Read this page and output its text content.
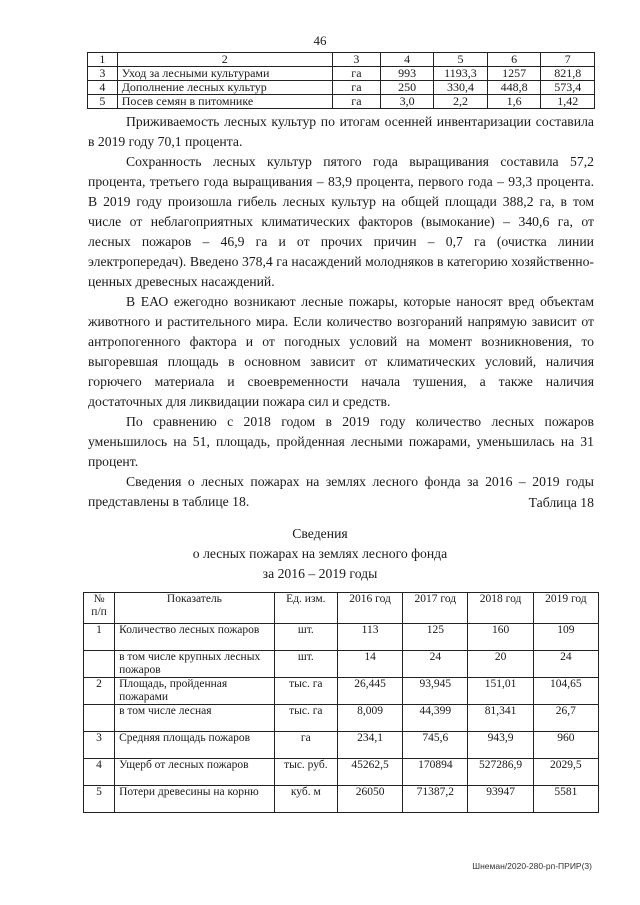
46
1	2	3	4	5	6	7
3	Уход за лесными культурами	га	993	1193,3	1257	821,8
4	Дополнение лесных культур	га	250	330,4	448,8	573,4
5	Посев семян в питомнике	га	3,0	2,2	1,6	1,42

Приживаемость лесных культур по итогам осенней инвентаризации составила в 2019 году 70,1 процента.

Сохранность лесных культур пятого года выращивания составила 57,2 процента, третьего года выращивания – 83,9 процента, первого года – 93,3 процента. В 2019 году произошла гибель лесных культур на общей площади 388,2 га, в том числе от неблагоприятных климатических факторов (вымокание) – 340,6 га, от лесных пожаров – 46,9 га и от прочих причин – 0,7 га (очистка линии электропередач). Введено 378,4 га насаждений молодняков в категорию хозяйственно-ценных древесных насаждений.

В ЕАО ежегодно возникают лесные пожары, которые наносят вред объектам животного и растительного мира. Если количество возгораний напрямую зависит от антропогенного фактора и от погодных условий на момент возникновения, то выгоревшая площадь в основном зависит от климатических условий, наличия горючего материала и своевременности начала тушения, а также наличия достаточных для ликвидации пожара сил и средств.

По сравнению с 2018 годом в 2019 году количество лесных пожаров уменьшилось на 51, площадь, пройденная лесными пожарами, уменьшилась на 31 процент.

Сведения о лесных пожарах на землях лесного фонда за 2016 – 2019 годы представлены в таблице 18.	Таблица 18
Сведения
о лесных пожарах на землях лесного фонда
за 2016 – 2019 годы
№ п/п	Показатель	Ед. изм.	2016 год	2017 год	2018 год	2019 год
1	Количество лесных пожаров	шт.	113	125	160	109
	в том числе крупных лесных пожаров	шт.	14	24	20	24
2	Площадь, пройденная пожарами	тыс. га	26,445	93,945	151,01	104,65
	в том числе лесная	тыс. га	8,009	44,399	81,341	26,7
3	Средняя площадь пожаров	га	234,1	745,6	943,9	960
4	Ущерб от лесных пожаров	тыс. руб.	45262,5	170894	527286,9	2029,5
5	Потери древесины на корню	куб. м	26050	71387,2	93947	5581
Шнеман/2020-280-рп-ПРИР(3)
